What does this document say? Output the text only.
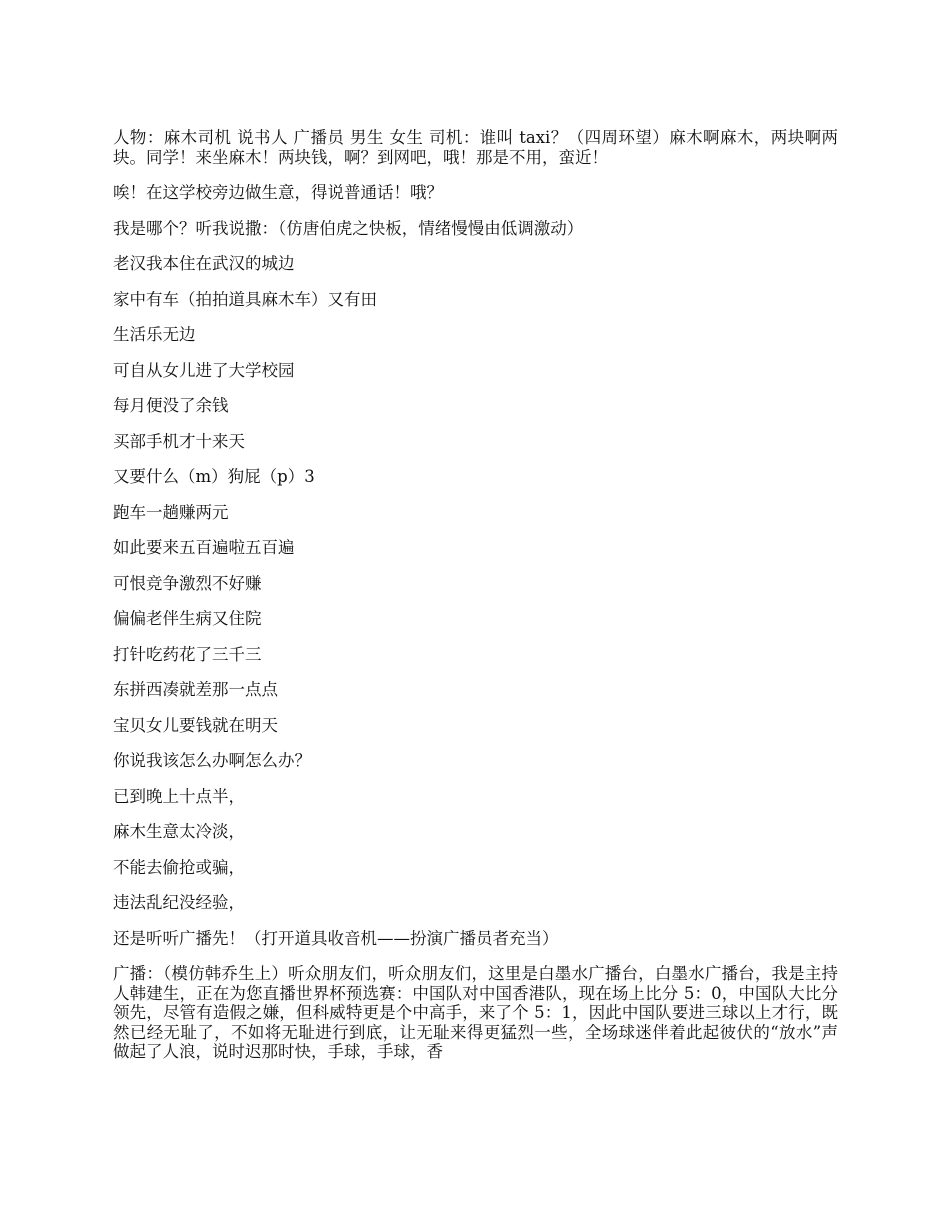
人物：麻木司机 说书人 广播员 男生 女生 司机：谁叫 taxi？（四周环望）麻木啊麻木，两块啊两块。同学！来坐麻木！两块钱，啊？到网吧，哦！那是不用，蛮近！

唉！在这学校旁边做生意，得说普通话！哦？

我是哪个？听我说撒：（仿唐伯虎之快板，情绪慢慢由低调激动）

老汉我本住在武汉的城边

家中有车（拍拍道具麻木车）又有田

生活乐无边

可自从女儿进了大学校园

每月便没了余钱

买部手机才十来天

又要什么（m）狗屁（p）3

跑车一趟赚两元

如此要来五百遍啦五百遍

可恨竞争激烈不好赚

偏偏老伴生病又住院

打针吃药花了三千三

东拼西凑就差那一点点

宝贝女儿要钱就在明天

你说我该怎么办啊怎么办？

已到晚上十点半，

麻木生意太冷淡，

不能去偷抢或骗，

违法乱纪没经验，

还是听听广播先！（打开道具收音机——扮演广播员者充当）

广播：（模仿韩乔生上）听众朋友们，听众朋友们，这里是白墨水广播台，白墨水广播台，我是主持人韩建生，正在为您直播世界杯预选赛：中国队对中国香港队，现在场上比分 5：0，中国队大比分领先，尽管有造假之嫌，但科威特更是个中高手，来了个 5：1，因此中国队要进三球以上才行，既然已经无耻了，不如将无耻进行到底，让无耻来得更猛烈一些，全场球迷伴着此起彼伏的“放水”声做起了人浪，说时迟那时快，手球，手球，香
